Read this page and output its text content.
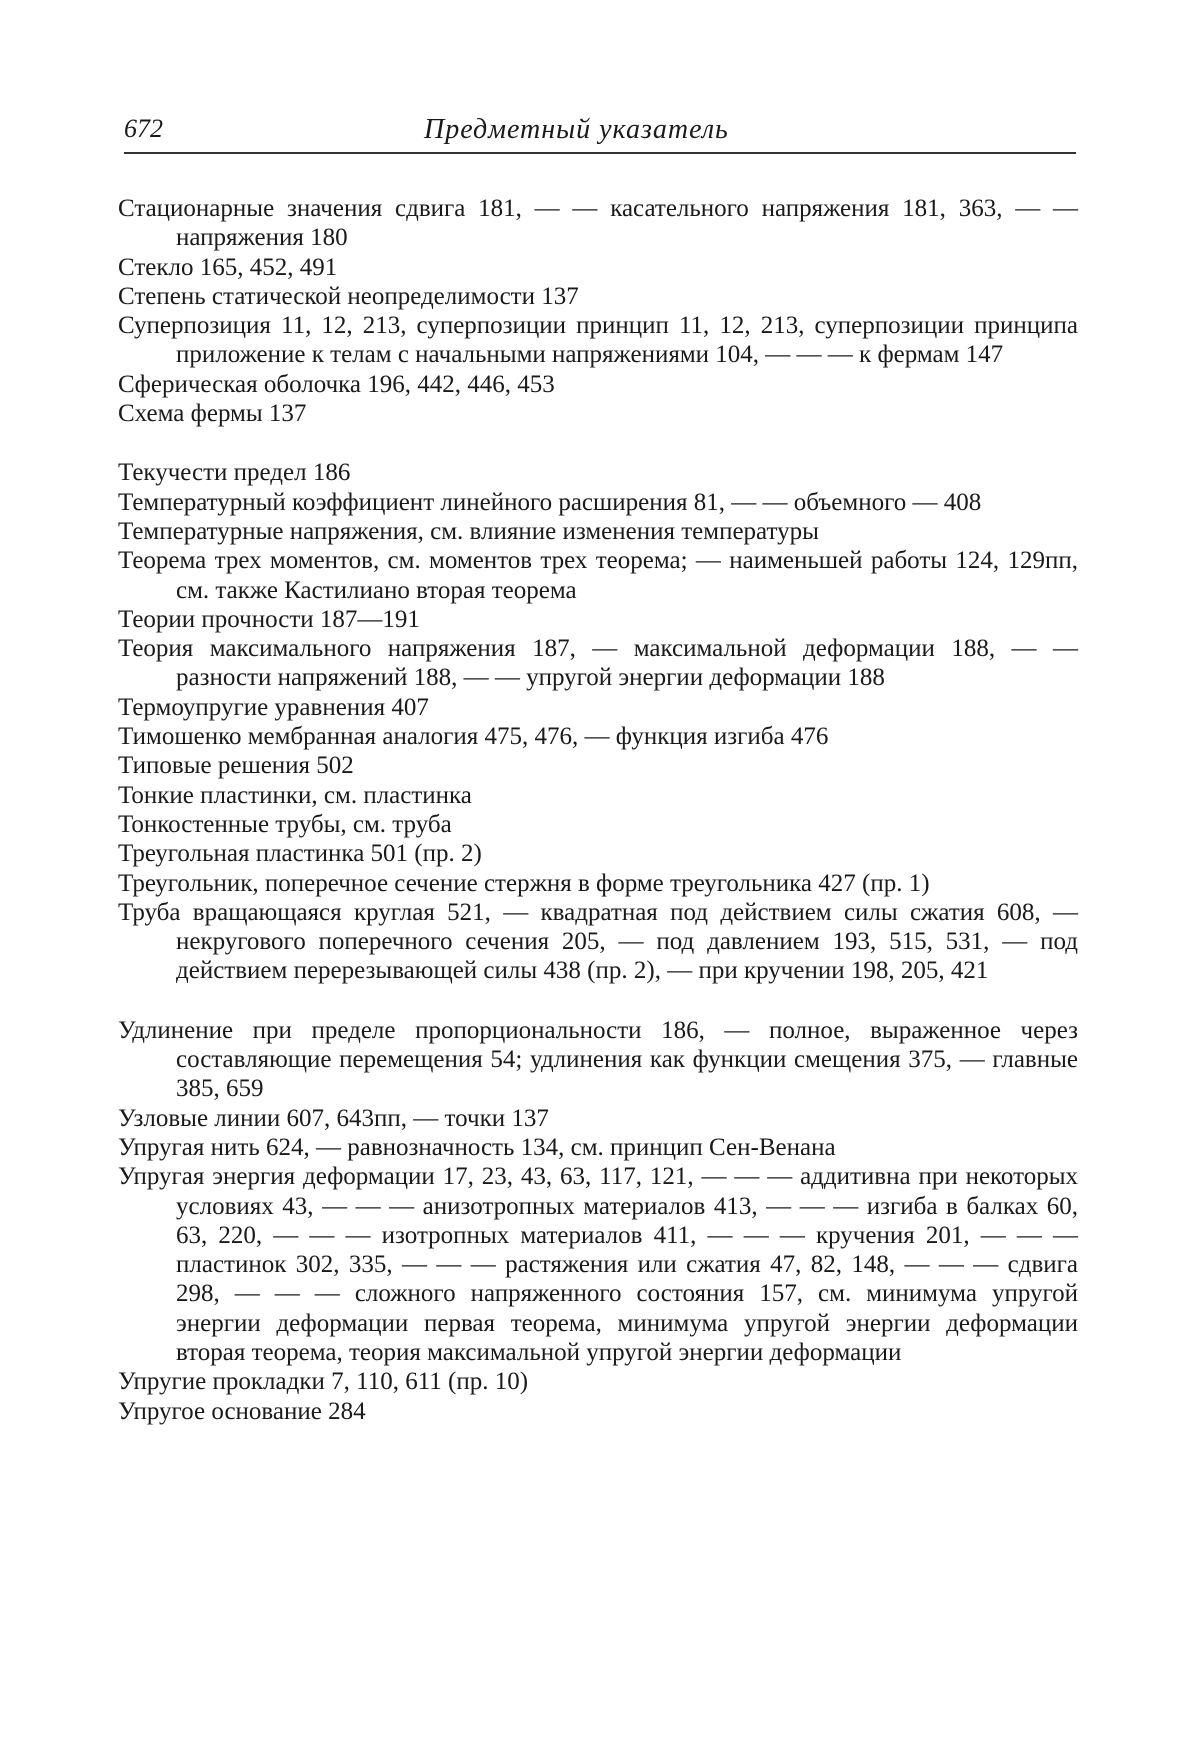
672	Предметный указатель

Стационарные значения сдвига 181, — — касательного напряжения 181, 363, — — напряжения 180

Стекло 165, 452, 491

Степень статической неопределимости 137

Суперпозиция 11, 12, 213, суперпозиции принцип 11, 12, 213, суперпозиции принципа приложение к телам с начальными напряжениями 104, — — — к фермам 147

Сферическая оболочка 196, 442, 446, 453

Схема фермы 137

Текучести предел 186

Температурный коэффициент линейного расширения 81, — — объемного — 408

Температурные напряжения, см. влияние изменения температуры

Теорема трех моментов, см. моментов трех теорема; — наименьшей работы 124, 129пп, см. также Кастилиано вторая теорема

Теории прочности 187—191

Теория максимального напряжения 187, — максимальной деформации 188, — — разности напряжений 188, — — упругой энергии деформации 188

Термоупругие уравнения 407

Тимошенко мембранная аналогия 475, 476, — функция изгиба 476

Типовые решения 502

Тонкие пластинки, см. пластинка

Тонкостенные трубы, см. труба

Треугольная пластинка 501 (пр. 2)

Треугольник, поперечное сечение стержня в форме треугольника 427 (пр. 1)

Труба вращающаяся круглая 521, — квадратная под действием силы сжатия 608, — некругового поперечного сечения 205, — под давлением 193, 515, 531, — под действием перерезывающей силы 438 (пр. 2), — при кручении 198, 205, 421

Удлинение при пределе пропорциональности 186, — полное, выраженное через составляющие перемещения 54; удлинения как функции смещения 375, — главные 385, 659

Узловые линии 607, 643пп, — точки 137

Упругая нить 624, — равнозначность 134, см. принцип Сен-Венана

Упругая энергия деформации 17, 23, 43, 63, 117, 121, — — — аддитивна при некоторых условиях 43, — — — анизотропных материалов 413, — — — изгиба в балках 60, 63, 220, — — — изотропных материалов 411, — — — кручения 201, — — — пластинок 302, 335, — — — растяжения или сжатия 47, 82, 148, — — — сдвига 298, — — — сложного напряженного состояния 157, см. минимума упругой энергии деформации первая теорема, минимума упругой энергии деформации вторая теорема, теория максимальной упругой энергии деформации

Упругие прокладки 7, 110, 611 (пр. 10)

Упругое основание 284
